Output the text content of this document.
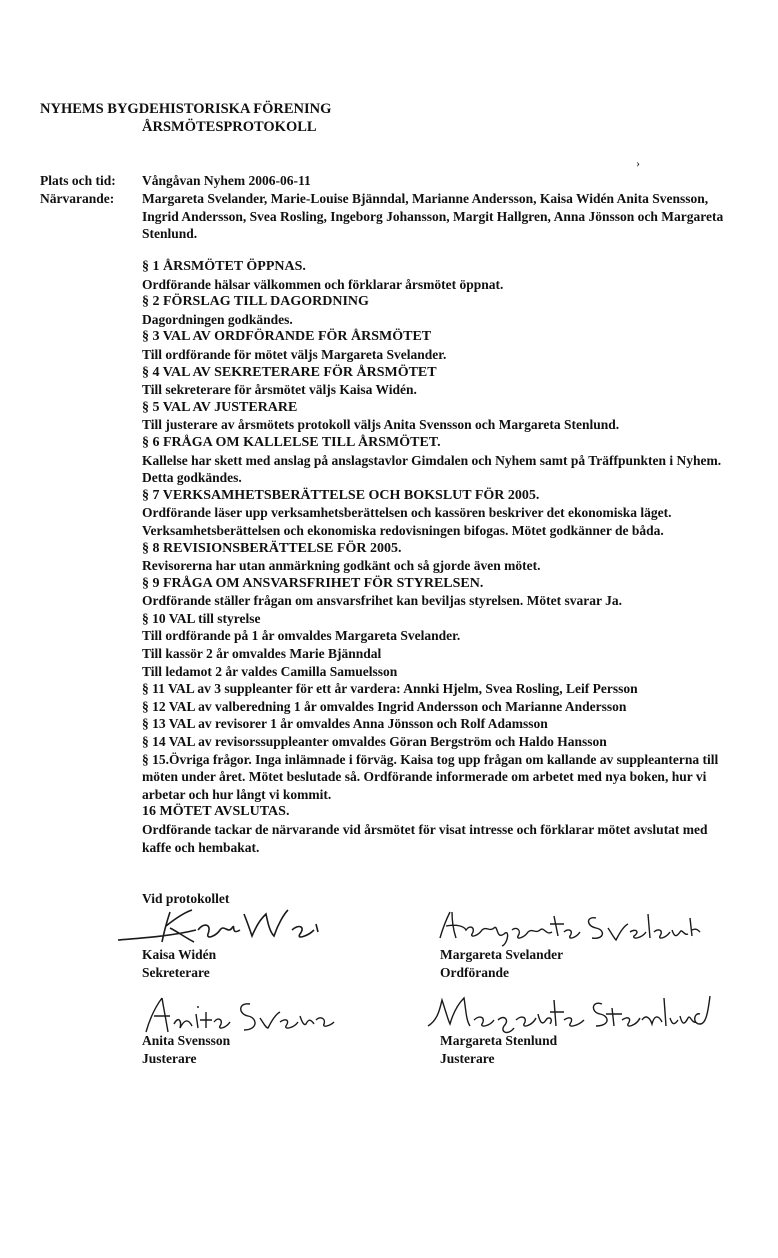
NYHEMS BYGDEHISTORISKA FÖRENING
ÅRSMÖTESPROTOKOLL
›
Plats och tid:	Vångåvan Nyhem 2006-06-11
Närvarande:	Margareta Svelander, Marie-Louise Bjänndal, Marianne Andersson, Kaisa Widén Anita Svensson, Ingrid Andersson, Svea Rosling, Ingeborg Johansson, Margit Hallgren, Anna Jönsson och Margareta Stenlund.
§ 1 ÅRSMÖTET ÖPPNAS.
Ordförande hälsar välkommen och förklarar årsmötet öppnat.
§ 2 FÖRSLAG TILL DAGORDNING
Dagordningen godkändes.
§ 3 VAL AV ORDFÖRANDE FÖR ÅRSMÖTET
Till ordförande för mötet väljs Margareta Svelander.
§ 4 VAL AV SEKRETERARE FÖR ÅRSMÖTET
Till sekreterare för årsmötet väljs Kaisa Widén.
§ 5 VAL AV JUSTERARE
Till justerare av årsmötets protokoll väljs Anita Svensson och Margareta Stenlund.
§ 6 FRÅGA OM KALLELSE TILL ÅRSMÖTET.
Kallelse har skett med anslag på anslagstavlor Gimdalen och Nyhem samt på Träffpunkten i Nyhem. Detta godkändes.
§ 7 VERKSAMHETSBERÄTTELSE OCH BOKSLUT FÖR 2005.
Ordförande läser upp verksamhetsberättelsen och kassören beskriver det ekonomiska läget. Verksamhetsberättelsen och ekonomiska redovisningen bifogas. Mötet godkänner de båda.
§ 8 REVISIONSBERÄTTELSE FÖR 2005.
Revisorerna har utan anmärkning godkänt och så gjorde även mötet.
§ 9 FRÅGA OM ANSVARSFRIHET FÖR STYRELSEN.
Ordförande ställer frågan om ansvarsfrihet kan beviljas styrelsen. Mötet svarar Ja.
§ 10 VAL till styrelse
Till ordförande på 1 år omvaldes Margareta Svelander.
Till kassör 2 år omvaldes Marie Bjänndal
Till ledamot 2 år valdes Camilla Samuelsson
§ 11 VAL av 3 suppleanter för ett år vardera: Annki Hjelm, Svea Rosling, Leif Persson
§ 12 VAL av valberedning 1 år omvaldes Ingrid Andersson och Marianne Andersson
§ 13 VAL av revisorer 1 år omvaldes Anna Jönsson och Rolf Adamsson
§ 14 VAL av revisorssuppleanter omvaldes Göran Bergström och Haldo Hansson
§ 15.Övriga frågor. Inga inlämnade i förväg. Kaisa tog upp frågan om kallande av suppleanterna till möten under året. Mötet beslutade så. Ordförande informerade om arbetet med nya boken, hur vi arbetar och hur långt vi kommit.
16 MÖTET AVSLUTAS.
Ordförande tackar de närvarande vid årsmötet för visat intresse och förklarar mötet avslutat med kaffe och hembakat.
Vid protokollet
Kaisa Widén
Sekreterare
Margareta Svelander
Ordförande
Anita Svensson
Justerare
Margareta Stenlund
Justerare
